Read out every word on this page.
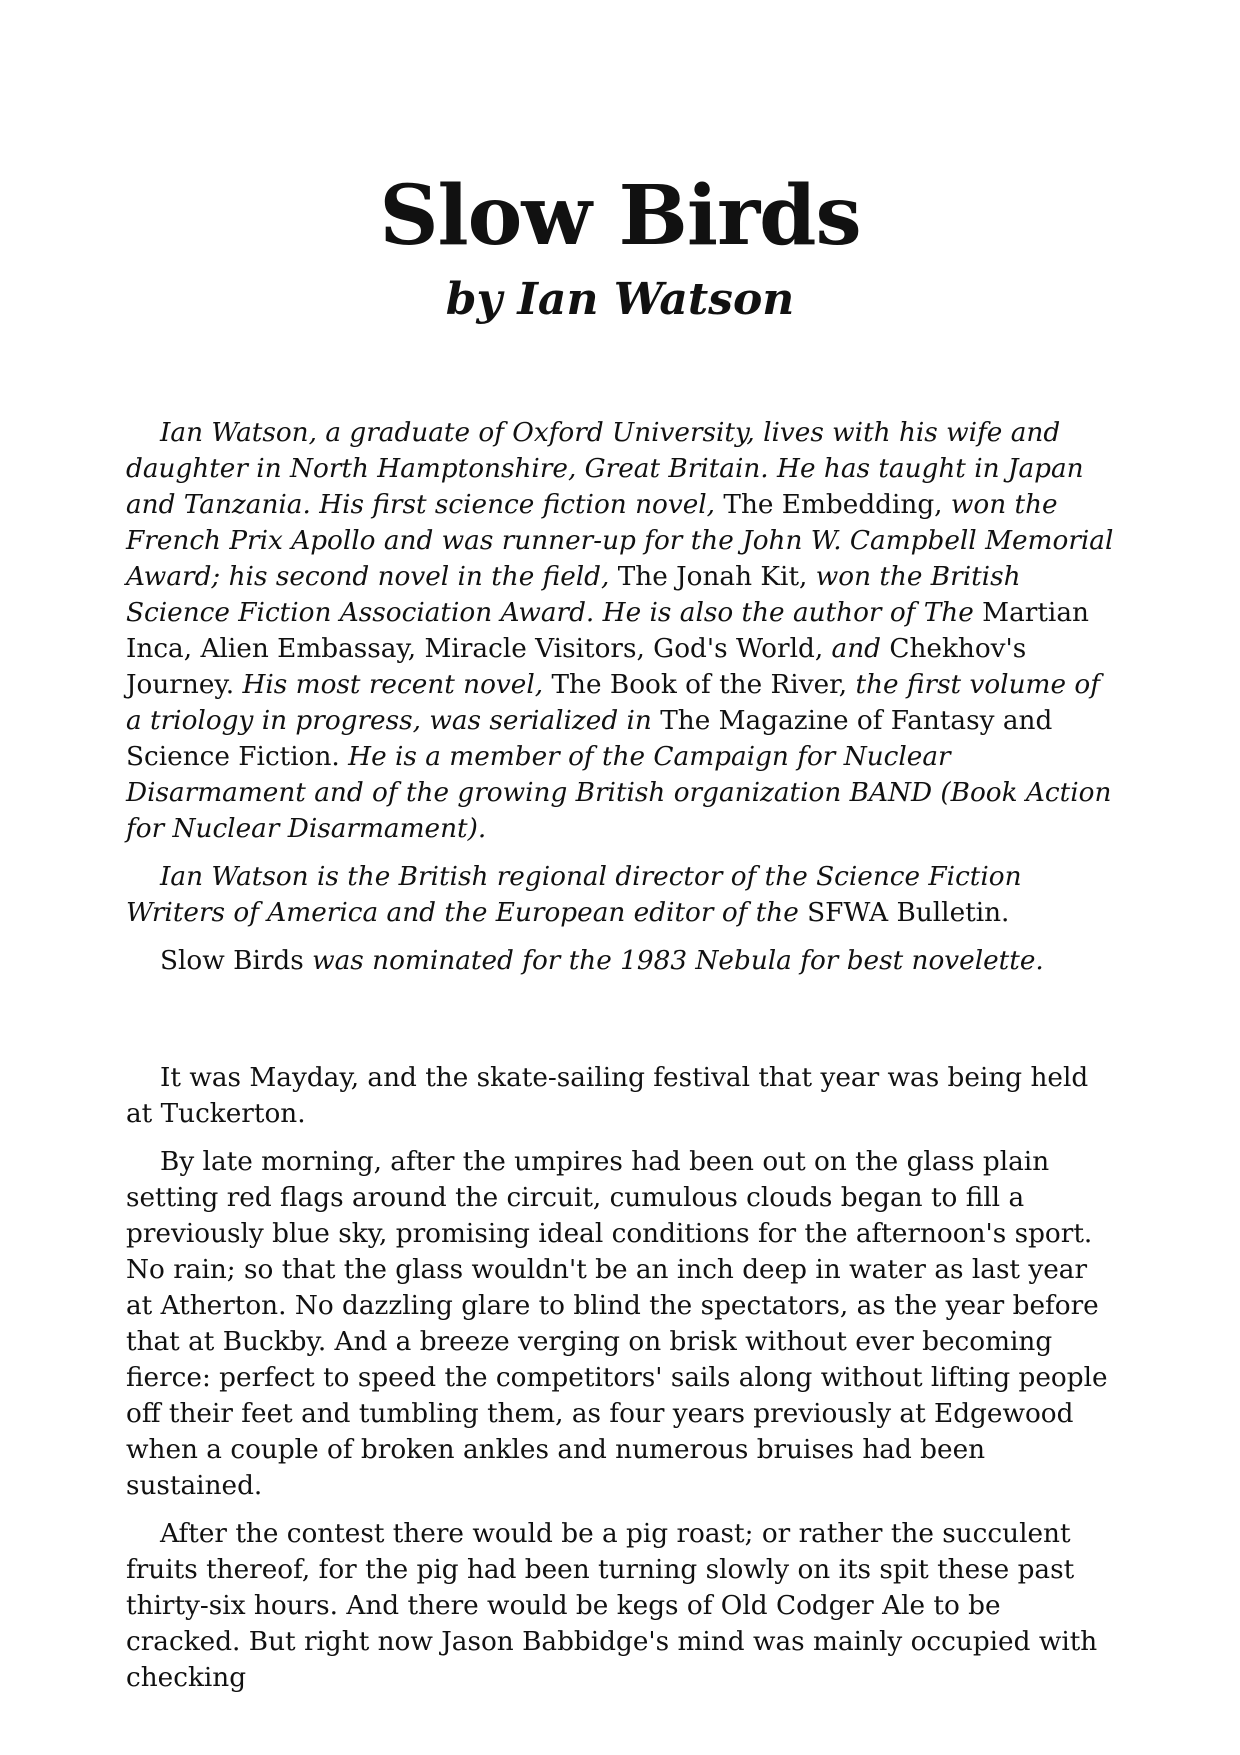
Slow Birds
by Ian Watson

Ian Watson, a graduate of Oxford University, lives with his wife and daughter in North Hamptonshire, Great Britain. He has taught in Japan and Tanzania. His first science fiction novel, The Embedding, won the French Prix Apollo and was runner-up for the John W. Campbell Memorial Award; his second novel in the field, The Jonah Kit, won the British Science Fiction Association Award. He is also the author of The Martian Inca, Alien Embassay, Miracle Visitors, God's World, and Chekhov's Journey. His most recent novel, The Book of the River, the first volume of a triology in progress, was serialized in The Magazine of Fantasy and Science Fiction. He is a member of the Campaign for Nuclear Disarmament and of the growing British organization BAND (Book Action for Nuclear Disarmament).

Ian Watson is the British regional director of the Science Fiction Writers of America and the European editor of the SFWA Bulletin.

Slow Birds was nominated for the 1983 Nebula for best novelette.

It was Mayday, and the skate-sailing festival that year was being held at Tuckerton.

By late morning, after the umpires had been out on the glass plain setting red flags around the circuit, cumulous clouds began to fill a previously blue sky, promising ideal conditions for the afternoon's sport. No rain; so that the glass wouldn't be an inch deep in water as last year at Atherton. No dazzling glare to blind the spectators, as the year before that at Buckby. And a breeze verging on brisk without ever becoming fierce: perfect to speed the competitors' sails along without lifting people off their feet and tumbling them, as four years previously at Edgewood when a couple of broken ankles and numerous bruises had been sustained.

After the contest there would be a pig roast; or rather the succulent fruits thereof, for the pig had been turning slowly on its spit these past thirty-six hours. And there would be kegs of Old Codger Ale to be cracked. But right now Jason Babbidge's mind was mainly occupied with checking
